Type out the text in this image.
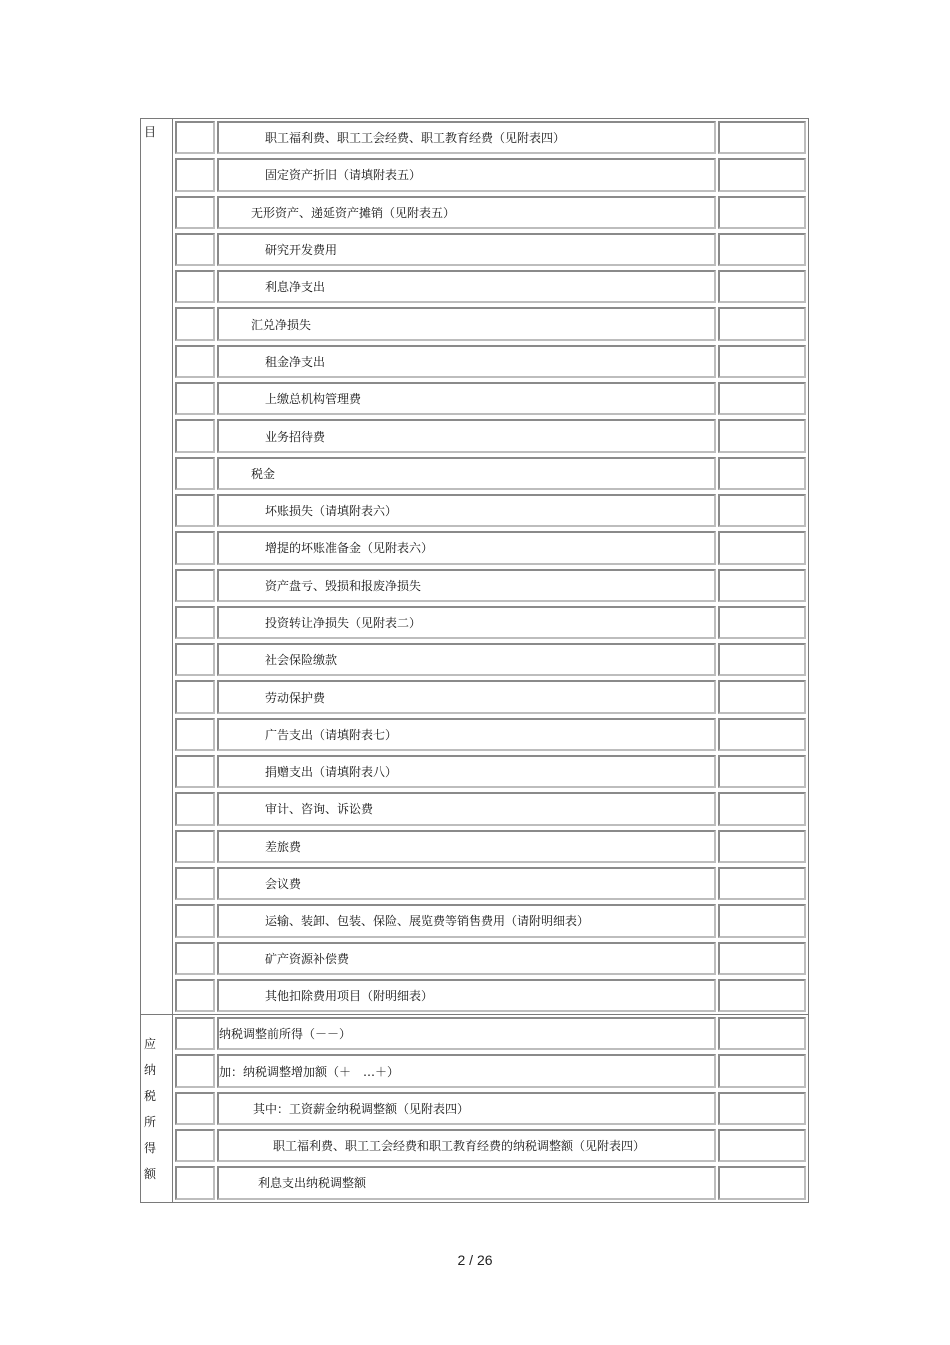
目	职工福利费、职工工会经费、职工教育经费（见附表四）
固定资产折旧（请填附表五）
无形资产、递延资产摊销（见附表五）
研究开发费用
利息净支出
汇兑净损失
租金净支出
上缴总机构管理费
业务招待费
税金
坏账损失（请填附表六）
增提的坏账准备金（见附表六）
资产盘亏、毁损和报废净损失
投资转让净损失（见附表二）
社会保险缴款
劳动保护费
广告支出（请填附表七）
捐赠支出（请填附表八）
审计、咨询、诉讼费
差旅费
会议费
运输、装卸、包装、保险、展览费等销售费用（请附明细表）
矿产资源补偿费
其他扣除费用项目（附明细表）
应
纳
税
所
得
额
纳税调整前所得（－－）
加：纳税调整增加额（＋　…＋）
其中：工资薪金纳税调整额（见附表四）
职工福利费、职工工会经费和职工教育经费的纳税调整额（见附表四）
利息支出纳税调整额
2 / 26
